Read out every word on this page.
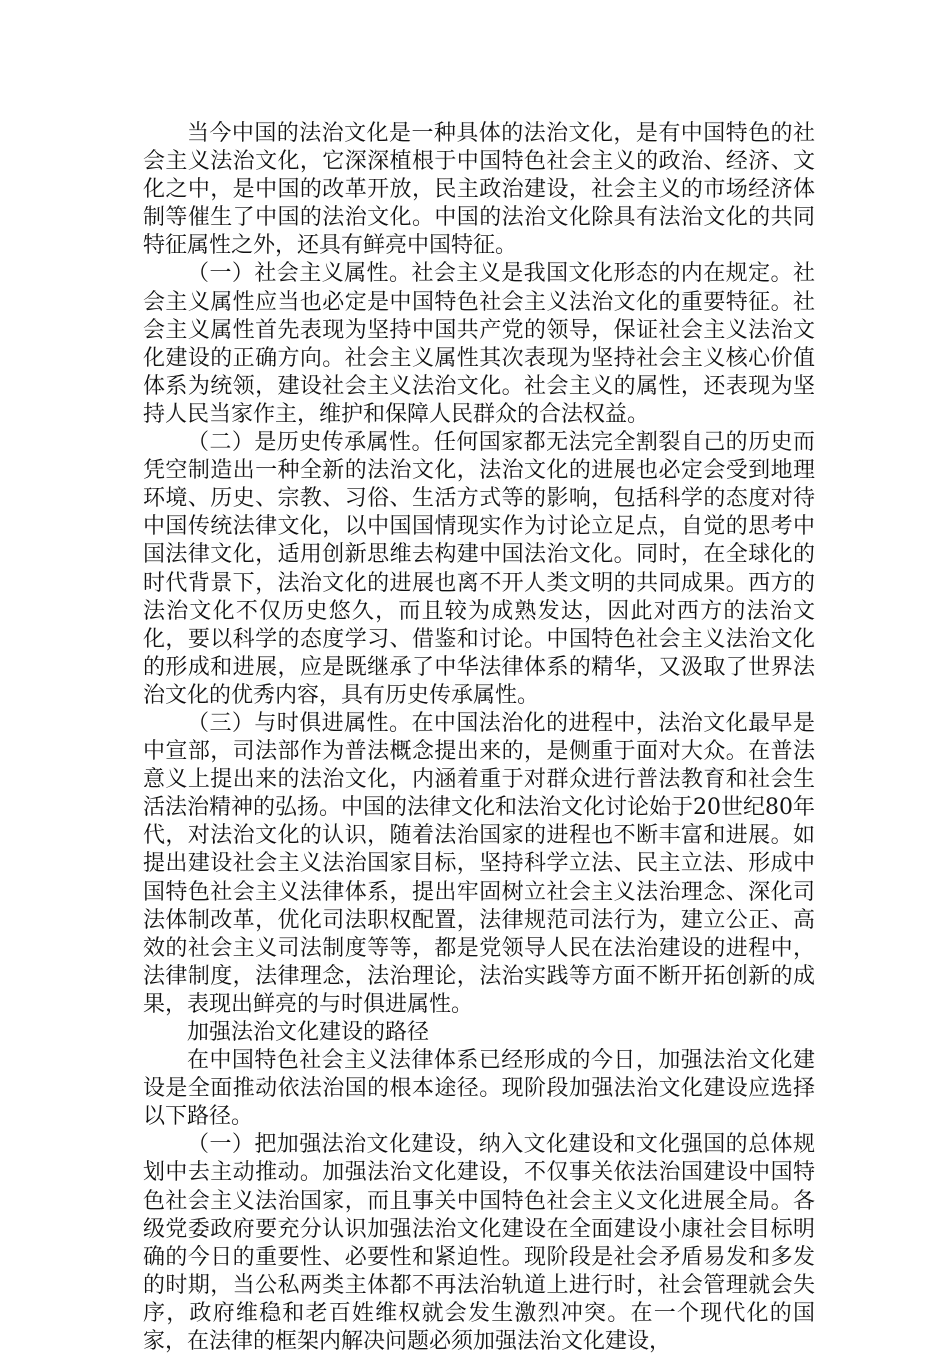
当今中国的法治文化是一种具体的法治文化，是有中国特色的社会主义法治文化，它深深植根于中国特色社会主义的政治、经济、文化之中，是中国的改革开放，民主政治建设，社会主义的市场经济体制等催生了中国的法治文化。中国的法治文化除具有法治文化的共同特征属性之外，还具有鲜亮中国特征。

（一）社会主义属性。社会主义是我国文化形态的内在规定。社会主义属性应当也必定是中国特色社会主义法治文化的重要特征。社会主义属性首先表现为坚持中国共产党的领导，保证社会主义法治文化建设的正确方向。社会主义属性其次表现为坚持社会主义核心价值体系为统领，建设社会主义法治文化。社会主义的属性，还表现为坚持人民当家作主，维护和保障人民群众的合法权益。

（二）是历史传承属性。任何国家都无法完全割裂自己的历史而凭空制造出一种全新的法治文化，法治文化的进展也必定会受到地理环境、历史、宗教、习俗、生活方式等的影响，包括科学的态度对待中国传统法律文化，以中国国情现实作为讨论立足点，自觉的思考中国法律文化，适用创新思维去构建中国法治文化。同时，在全球化的时代背景下，法治文化的进展也离不开人类文明的共同成果。西方的法治文化不仅历史悠久，而且较为成熟发达，因此对西方的法治文化，要以科学的态度学习、借鉴和讨论。中国特色社会主义法治文化的形成和进展，应是既继承了中华法律体系的精华，又汲取了世界法治文化的优秀内容，具有历史传承属性。

（三）与时俱进属性。在中国法治化的进程中，法治文化最早是中宣部，司法部作为普法概念提出来的，是侧重于面对大众。在普法意义上提出来的法治文化，内涵着重于对群众进行普法教育和社会生活法治精神的弘扬。中国的法律文化和法治文化讨论始于20世纪80年代，对法治文化的认识，随着法治国家的进程也不断丰富和进展。如提出建设社会主义法治国家目标，坚持科学立法、民主立法、形成中国特色社会主义法律体系，提出牢固树立社会主义法治理念、深化司法体制改革，优化司法职权配置，法律规范司法行为，建立公正、高效的社会主义司法制度等等，都是党领导人民在法治建设的进程中，法律制度，法律理念，法治理论，法治实践等方面不断开拓创新的成果，表现出鲜亮的与时俱进属性。

加强法治文化建设的路径

在中国特色社会主义法律体系已经形成的今日，加强法治文化建设是全面推动依法治国的根本途径。现阶段加强法治文化建设应选择以下路径。

（一）把加强法治文化建设，纳入文化建设和文化强国的总体规划中去主动推动。加强法治文化建设，不仅事关依法治国建设中国特色社会主义法治国家，而且事关中国特色社会主义文化进展全局。各级党委政府要充分认识加强法治文化建设在全面建设小康社会目标明确的今日的重要性、必要性和紧迫性。现阶段是社会矛盾易发和多发的时期，当公私两类主体都不再法治轨道上进行时，社会管理就会失序，政府维稳和老百姓维权就会发生激烈冲突。在一个现代化的国家，在法律的框架内解决问题必须加强法治文化建设，
